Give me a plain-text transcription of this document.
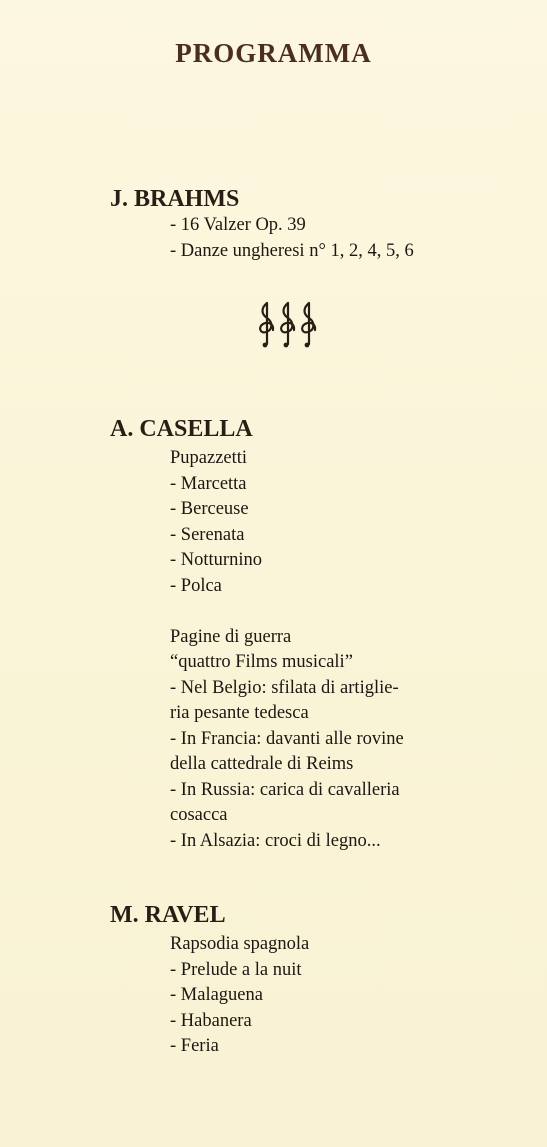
PROGRAMMA
J. BRAHMS
- 16 Valzer Op. 39
- Danze ungheresi n° 1, 2, 4, 5, 6
A. CASELLA
Pupazzetti
- Marcetta
- Berceuse
- Serenata
- Notturnino
- Polca
Pagine di guerra
“quattro Films musicali”
- Nel Belgio: sfilata di artiglie-
ria pesante tedesca
- In Francia: davanti alle rovine
della cattedrale di Reims
- In Russia: carica di cavalleria
cosacca
- In Alsazia: croci di legno...
M. RAVEL
Rapsodia spagnola
- Prelude a la nuit
- Malaguena
- Habanera
- Feria
